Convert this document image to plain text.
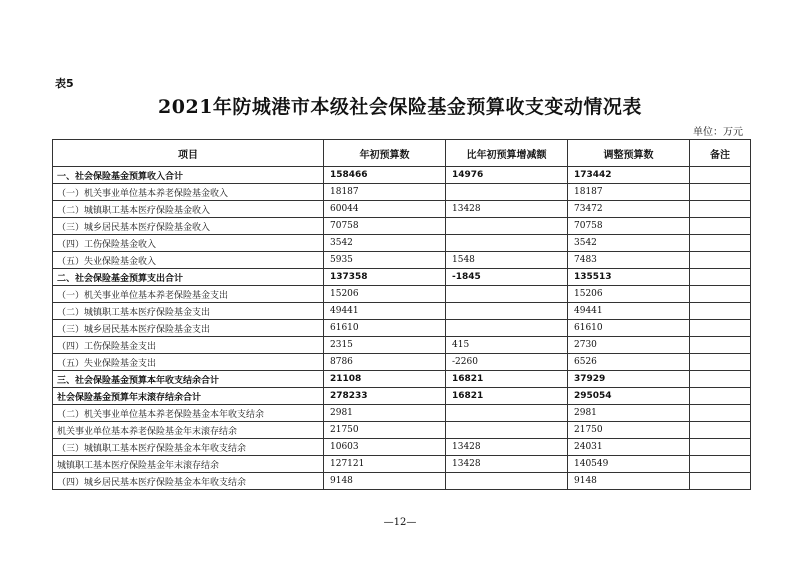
表5
2021年防城港市本级社会保险基金预算收支变动情况表
单位：万元
项目	年初预算数	比年初预算增减额	调整预算数	备注
一、社会保险基金预算收入合计	158466	14976	173442	
（一）机关事业单位基本养老保险基金收入	18187		18187	
（二）城镇职工基本医疗保险基金收入	60044	13428	73472	
（三）城乡居民基本医疗保险基金收入	70758		70758	
（四）工伤保险基金收入	3542		3542	
（五）失业保险基金收入	5935	1548	7483	
二、社会保险基金预算支出合计	137358	-1845	135513	
（一）机关事业单位基本养老保险基金支出	15206		15206	
（二）城镇职工基本医疗保险基金支出	49441		49441	
（三）城乡居民基本医疗保险基金支出	61610		61610	
（四）工伤保险基金支出	2315	415	2730	
（五）失业保险基金支出	8786	-2260	6526	
三、社会保险基金预算本年收支结余合计	21108	16821	37929	
社会保险基金预算年末滚存结余合计	278233	16821	295054	
（二）机关事业单位基本养老保险基金本年收支结余	2981		2981	
机关事业单位基本养老保险基金年末滚存结余	21750		21750	
（三）城镇职工基本医疗保险基金本年收支结余	10603	13428	24031	
城镇职工基本医疗保险基金年末滚存结余	127121	13428	140549	
（四）城乡居民基本医疗保险基金本年收支结余	9148		9148	
—12—
